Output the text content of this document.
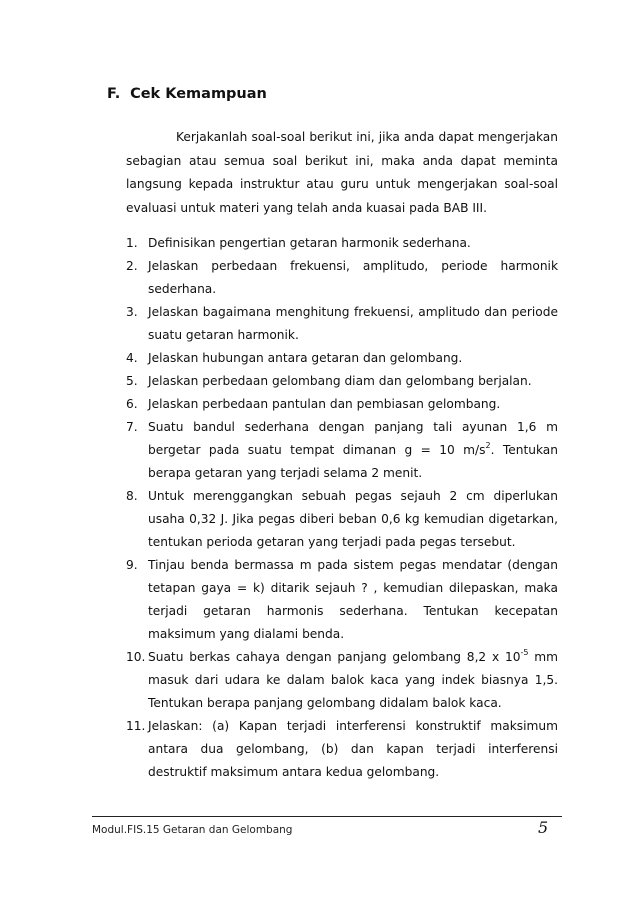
F. Cek Kemampuan

Kerjakanlah soal-soal berikut ini, jika anda dapat mengerjakan sebagian atau semua soal berikut ini, maka anda dapat meminta langsung kepada instruktur atau guru untuk mengerjakan soal-soal evaluasi untuk materi yang telah anda kuasai pada BAB III.

1. Definisikan pengertian getaran harmonik sederhana.
2. Jelaskan perbedaan frekuensi, amplitudo, periode harmonik sederhana.
3. Jelaskan bagaimana menghitung frekuensi, amplitudo dan periode suatu getaran harmonik.
4. Jelaskan hubungan antara getaran dan gelombang.
5. Jelaskan perbedaan gelombang diam dan gelombang berjalan.
6. Jelaskan perbedaan pantulan dan pembiasan gelombang.
7. Suatu bandul sederhana dengan panjang tali ayunan 1,6 m bergetar pada suatu tempat dimanan g = 10 $m/s^2$. Tentukan berapa getaran yang terjadi selama 2 menit.
8. Untuk merenggangkan sebuah pegas sejauh 2 cm diperlukan usaha 0,32 J. Jika pegas diberi beban 0,6 kg kemudian digetarkan, tentukan perioda getaran yang terjadi pada pegas tersebut.
9. Tinjau benda bermassa m pada sistem pegas mendatar (dengan tetapan gaya = k) ditarik sejauh ? , kemudian dilepaskan, maka terjadi getaran harmonis sederhana. Tentukan kecepatan maksimum yang dialami benda.
10. Suatu berkas cahaya dengan panjang gelombang 8,2 x $10^{-5}$ mm masuk dari udara ke dalam balok kaca yang indek biasnya 1,5. Tentukan berapa panjang gelombang didalam balok kaca.
11. Jelaskan: (a) Kapan terjadi interferensi konstruktif maksimum antara dua gelombang, (b) dan kapan terjadi interferensi destruktif maksimum antara kedua gelombang.
Modul.FIS.15 Getaran dan Gelombang	5
